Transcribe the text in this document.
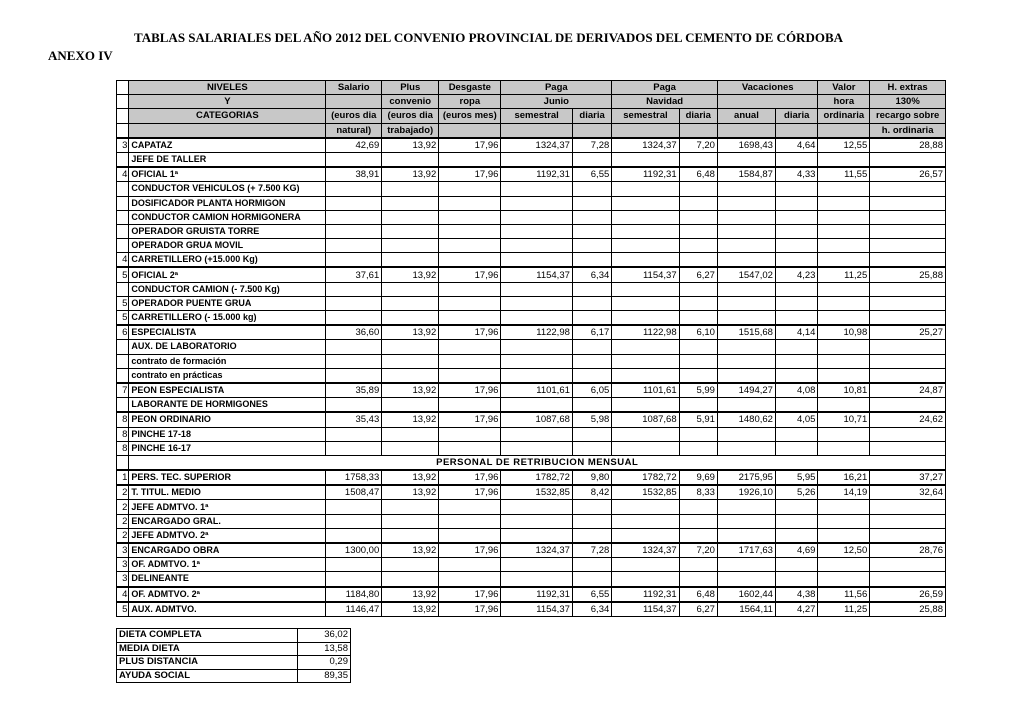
TABLAS SALARIALES DEL AÑO 2012 DEL CONVENIO PROVINCIAL DE DERIVADOS DEL CEMENTO DE CÓRDOBA
ANEXO IV
	NIVELES	Salario	Plus	Desgaste	Paga		Paga		Vacaciones		Valor	H. extras
	Y		convenio	ropa	Junio		Navidad				hora	130%
	CATEGORIAS	(euros dia	(euros dia	(euros mes)	semestral	diaria	semestral	diaria	anual	diaria	ordinaria	recargo sobre
		natural)	trabajado)									h. ordinaria
3	CAPATAZ	42,69	13,92	17,96	1324,37	7,28	1324,37	7,20	1698,43	4,64	12,55	28,88
	JEFE DE TALLER											
4	OFICIAL 1ª	38,91	13,92	17,96	1192,31	6,55	1192,31	6,48	1584,87	4,33	11,55	26,57
	CONDUCTOR VEHICULOS (+ 7.500 KG)											
	DOSIFICADOR PLANTA HORMIGON											
	CONDUCTOR CAMION HORMIGONERA											
	OPERADOR GRUISTA TORRE											
	OPERADOR GRUA MOVIL											
4	CARRETILLERO (+15.000 Kg)											
5	OFICIAL 2ª	37,61	13,92	17,96	1154,37	6,34	1154,37	6,27	1547,02	4,23	11,25	25,88
	CONDUCTOR CAMION (- 7.500 Kg)											
5	OPERADOR PUENTE GRUA											
5	CARRETILLERO (- 15.000 kg)											
6	ESPECIALISTA	36,60	13,92	17,96	1122,98	6,17	1122,98	6,10	1515,68	4,14	10,98	25,27
	AUX. DE LABORATORIO											
	contrato de formación											
	contrato en prácticas											
7	PEON ESPECIALISTA	35,89	13,92	17,96	1101,61	6,05	1101,61	5,99	1494,27	4,08	10,81	24,87
	LABORANTE DE HORMIGONES											
8	PEON ORDINARIO	35,43	13,92	17,96	1087,68	5,98	1087,68	5,91	1480,62	4,05	10,71	24,62
8	PINCHE 17-18											
8	PINCHE 16-17											
	PERSONAL DE RETRIBUCION MENSUAL											
1	PERS. TEC. SUPERIOR	1758,33	13,92	17,96	1782,72	9,80	1782,72	9,69	2175,95	5,95	16,21	37,27
2	T. TITUL. MEDIO	1508,47	13,92	17,96	1532,85	8,42	1532,85	8,33	1926,10	5,26	14,19	32,64
2	JEFE ADMTVO. 1ª											
2	ENCARGADO GRAL.											
2	JEFE ADMTVO. 2ª											
3	ENCARGADO OBRA	1300,00	13,92	17,96	1324,37	7,28	1324,37	7,20	1717,63	4,69	12,50	28,76
3	OF. ADMTVO. 1ª											
3	DELINEANTE											
4	OF. ADMTVO. 2ª	1184,80	13,92	17,96	1192,31	6,55	1192,31	6,48	1602,44	4,38	11,56	26,59
5	AUX. ADMTVO.	1146,47	13,92	17,96	1154,37	6,34	1154,37	6,27	1564,11	4,27	11,25	25,88
DIETA COMPLETA	36,02
MEDIA DIETA	13,58
PLUS DISTANCIA	0,29
AYUDA SOCIAL	89,35
